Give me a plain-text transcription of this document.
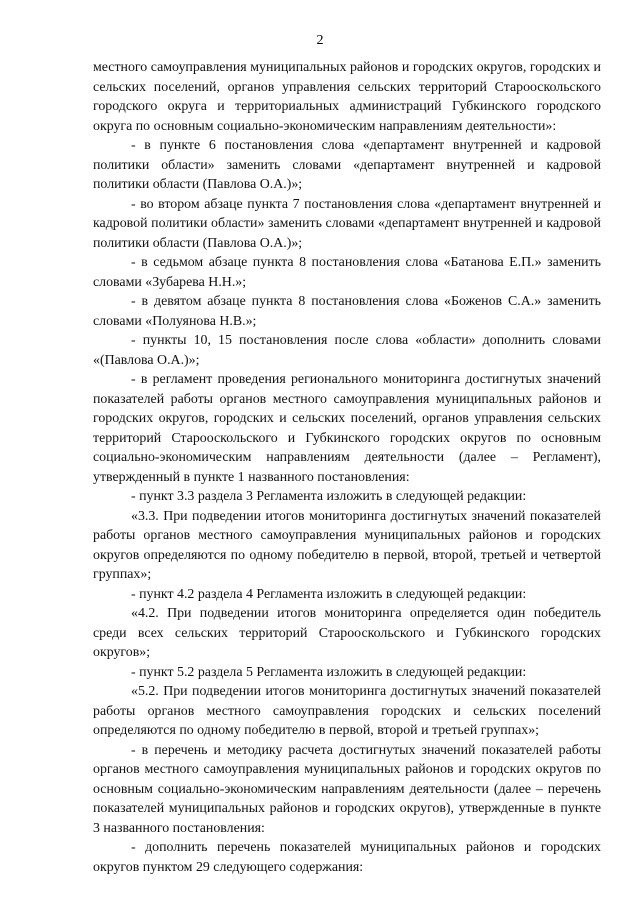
2

местного самоуправления муниципальных районов и городских округов, городских и сельских поселений, органов управления сельских территорий Старооскольского городского округа и территориальных администраций Губкинского городского округа по основным социально-экономическим направлениям деятельности»:

- в пункте 6 постановления слова «департамент внутренней и кадровой политики области» заменить словами «департамент внутренней и кадровой политики области (Павлова О.А.)»;

- во втором абзаце пункта 7 постановления слова «департамент внутренней и кадровой политики области» заменить словами «департамент внутренней и кадровой политики области (Павлова О.А.)»;

- в седьмом абзаце пункта 8 постановления слова «Батанова Е.П.» заменить словами «Зубарева Н.Н.»;

- в девятом абзаце пункта 8 постановления слова «Боженов С.А.» заменить словами «Полуянова Н.В.»;

- пункты 10, 15 постановления после слова «области» дополнить словами «(Павлова О.А.)»;

- в регламент проведения регионального мониторинга достигнутых значений показателей работы органов местного самоуправления муниципальных районов и городских округов, городских и сельских поселений, органов управления сельских территорий Старооскольского и Губкинского городских округов по основным социально-экономическим направлениям деятельности (далее – Регламент), утвержденный в пункте 1 названного постановления:

- пункт 3.3 раздела 3 Регламента изложить в следующей редакции:

«3.3. При подведении итогов мониторинга достигнутых значений показателей работы органов местного самоуправления муниципальных районов и городских округов определяются по одному победителю в первой, второй, третьей и четвертой группах»;

- пункт 4.2 раздела 4 Регламента изложить в следующей редакции:

«4.2. При подведении итогов мониторинга определяется один победитель среди всех сельских территорий Старооскольского и Губкинского городских округов»;

- пункт 5.2 раздела 5 Регламента изложить в следующей редакции:

«5.2. При подведении итогов мониторинга достигнутых значений показателей работы органов местного самоуправления городских и сельских поселений определяются по одному победителю в первой, второй и третьей группах»;

- в перечень и методику расчета достигнутых значений показателей работы органов местного самоуправления муниципальных районов и городских округов по основным социально-экономическим направлениям деятельности (далее – перечень показателей муниципальных районов и городских округов), утвержденные в пункте 3 названного постановления:

- дополнить перечень показателей муниципальных районов и городских округов пунктом 29 следующего содержания:
